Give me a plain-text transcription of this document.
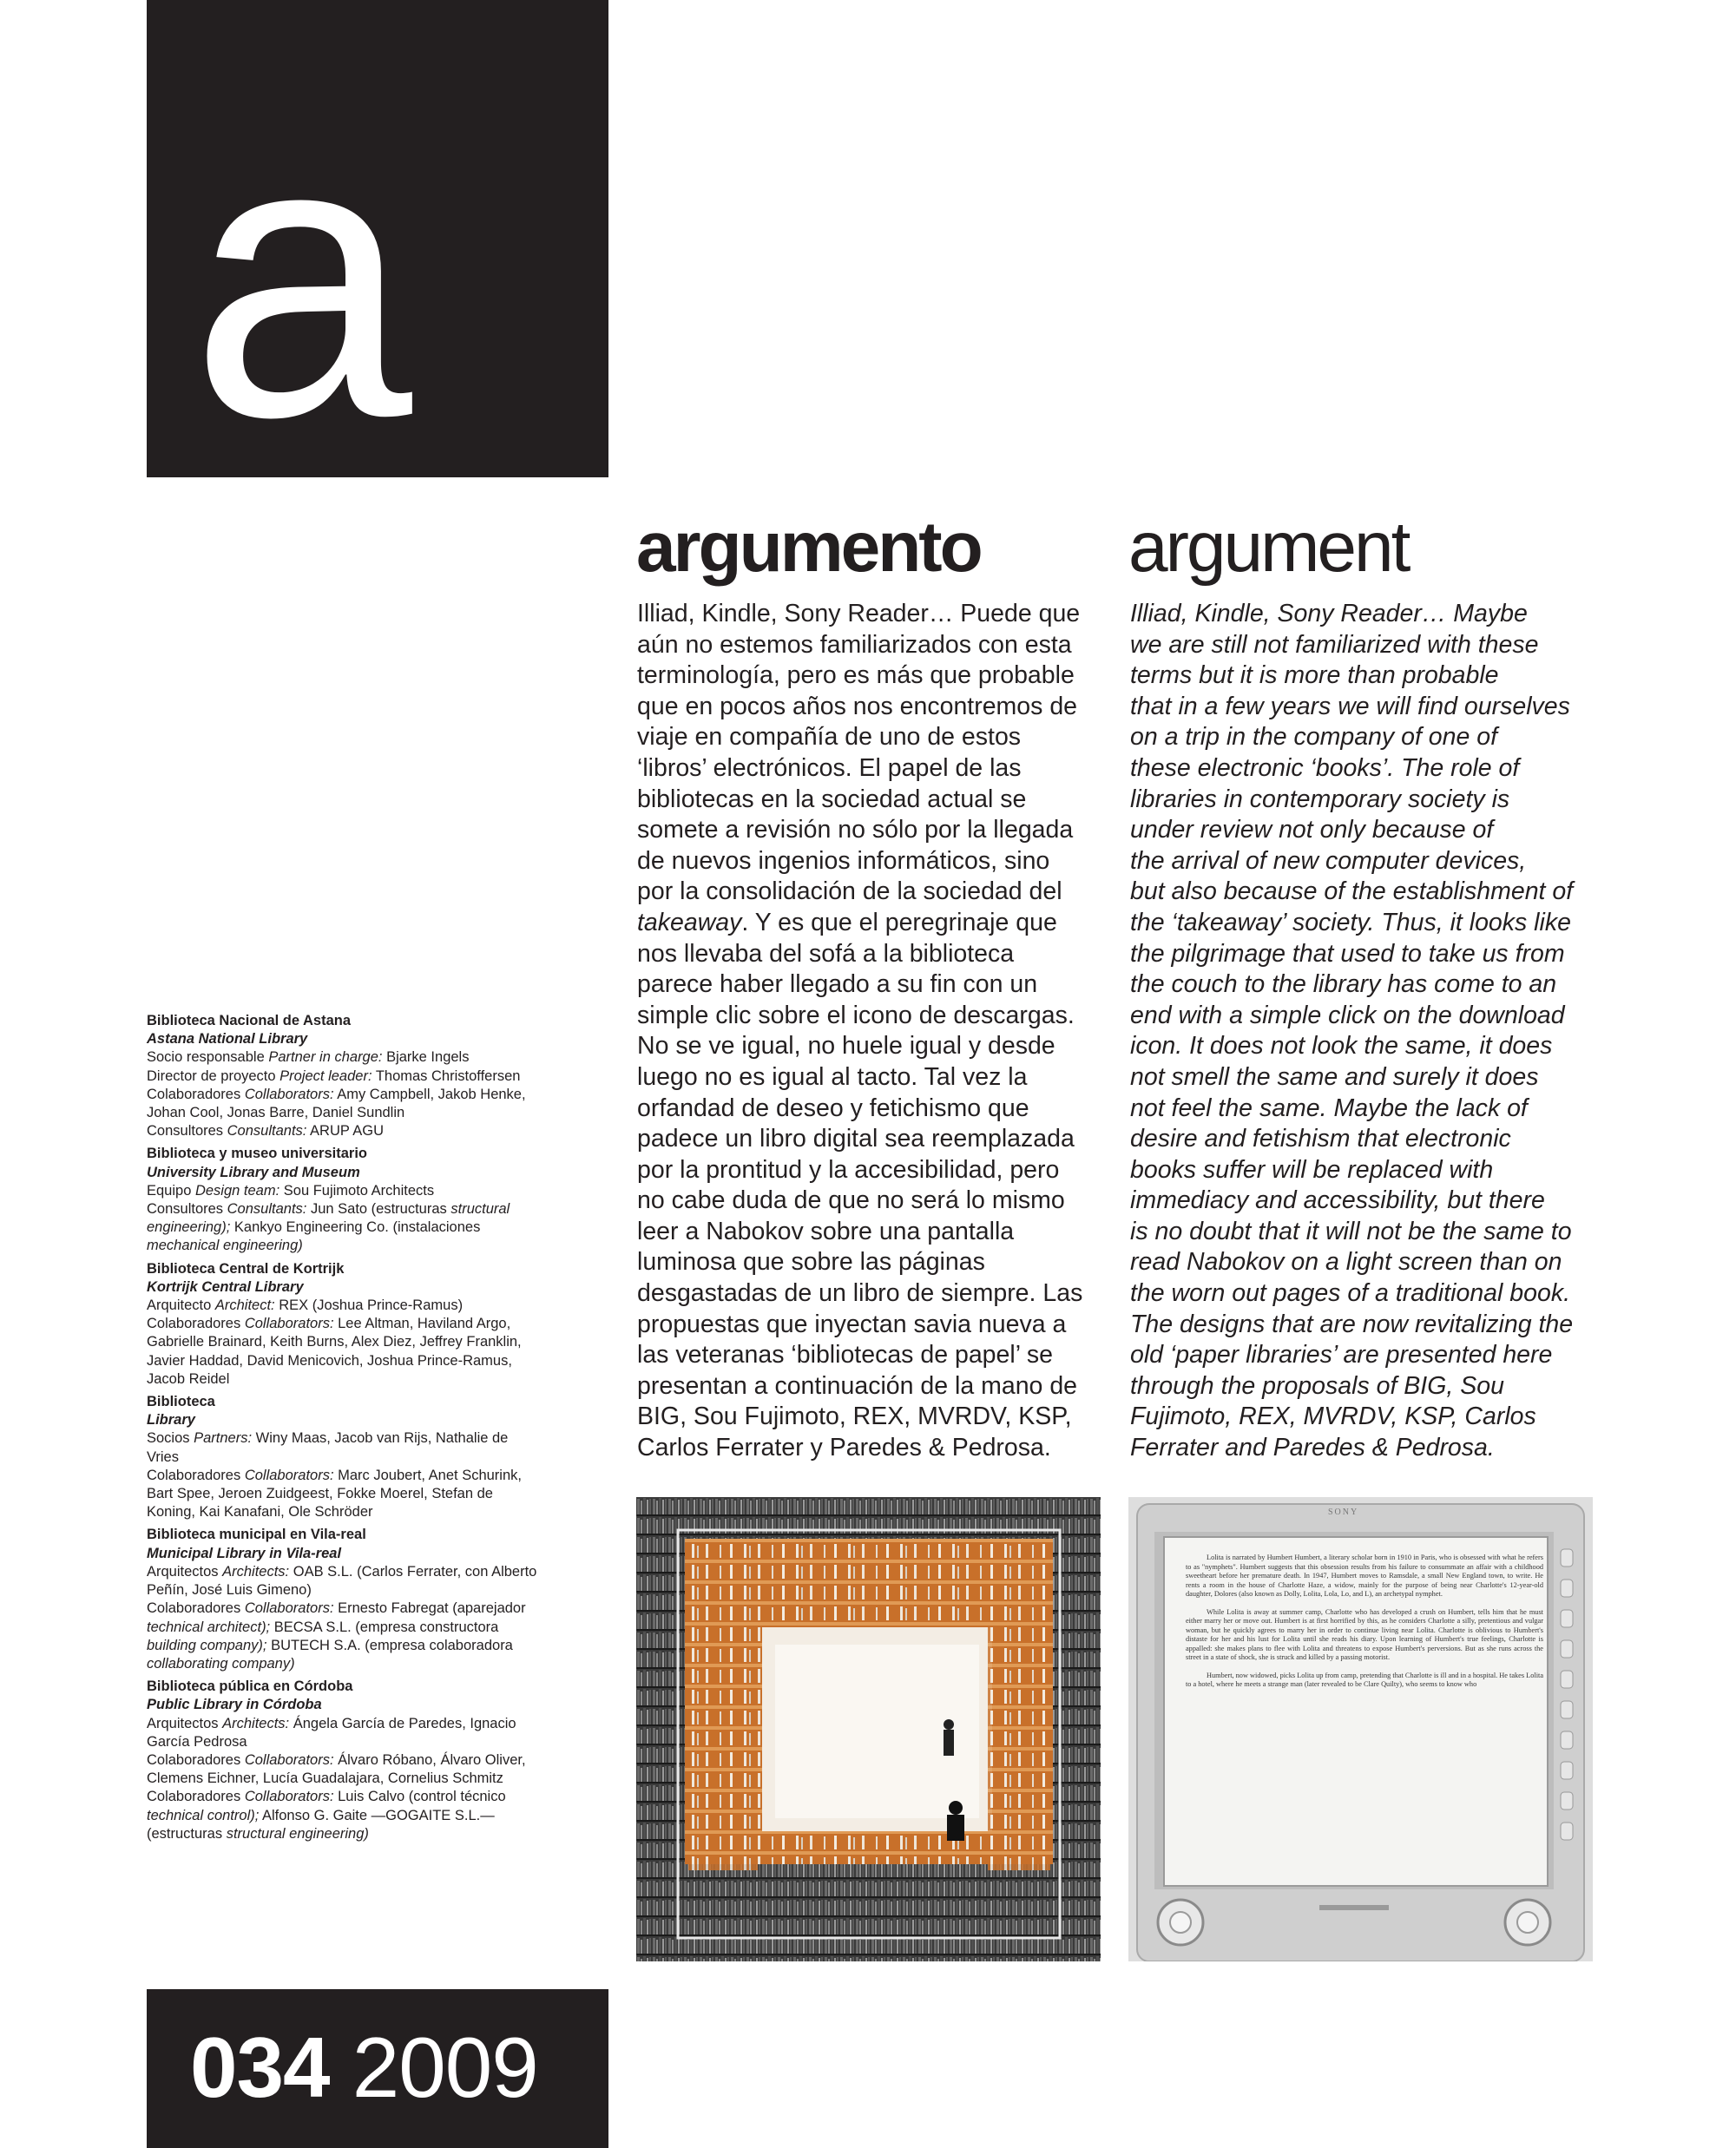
a
argumento argument
Illiad, Kindle, Sony Reader… Puede que
aún no estemos familiarizados con esta
terminología, pero es más que probable
que en pocos años nos encontremos de
viaje en compañía de uno de estos
‘libros’ electrónicos. El papel de las
bibliotecas en la sociedad actual se
somete a revisión no sólo por la llegada
de nuevos ingenios informáticos, sino
por la consolidación de la sociedad del
takeaway. Y es que el peregrinaje que
nos llevaba del sofá a la biblioteca
parece haber llegado a su fin con un
simple clic sobre el icono de descargas.
No se ve igual, no huele igual y desde
luego no es igual al tacto. Tal vez la
orfandad de deseo y fetichismo que
padece un libro digital sea reemplazada
por la prontitud y la accesibilidad, pero
no cabe duda de que no será lo mismo
leer a Nabokov sobre una pantalla
luminosa que sobre las páginas
desgastadas de un libro de siempre. Las
propuestas que inyectan savia nueva a
las veteranas ‘bibliotecas de papel’ se
presentan a continuación de la mano de
BIG, Sou Fujimoto, REX, MVRDV, KSP,
Carlos Ferrater y Paredes & Pedrosa.
Illiad, Kindle, Sony Reader… Maybe
we are still not familiarized with these
terms but it is more than probable
that in a few years we will find ourselves
on a trip in the company of one of
these electronic ‘books’. The role of
libraries in contemporary society is
under review not only because of
the arrival of new computer devices,
but also because of the establishment of
the ‘takeaway’ society. Thus, it looks like
the pilgrimage that used to take us from
the couch to the library has come to an
end with a simple click on the download
icon. It does not look the same, it does
not smell the same and surely it does
not feel the same. Maybe the lack of
desire and fetishism that electronic
books suffer will be replaced with
immediacy and accessibility, but there
is no doubt that it will not be the same to
read Nabokov on a light screen than on
the worn out pages of a traditional book.
The designs that are now revitalizing the
old ‘paper libraries’ are presented here
through the proposals of BIG, Sou
Fujimoto, REX, MVRDV, KSP, Carlos
Ferrater and Paredes & Pedrosa.
Biblioteca Nacional de Astana
Astana National Library
Socio responsable Partner in charge: Bjarke Ingels
Director de proyecto Project leader: Thomas Christoffersen
Colaboradores Collaborators: Amy Campbell, Jakob Henke, Johan Cool, Jonas Barre, Daniel Sundlin
Consultores Consultants: ARUP AGU
Biblioteca y museo universitario
University Library and Museum
Equipo Design team: Sou Fujimoto Architects
Consultores Consultants: Jun Sato (estructuras structural engineering); Kankyo Engineering Co. (instalaciones mechanical engineering)
Biblioteca Central de Kortrijk
Kortrijk Central Library
Arquitecto Architect: REX (Joshua Prince-Ramus)
Colaboradores Collaborators: Lee Altman, Haviland Argo, Gabrielle Brainard, Keith Burns, Alex Diez, Jeffrey Franklin, Javier Haddad, David Menicovich, Joshua Prince-Ramus, Jacob Reidel
Biblioteca
Library
Socios Partners: Winy Maas, Jacob van Rijs, Nathalie de Vries
Colaboradores Collaborators: Marc Joubert, Anet Schurink, Bart Spee, Jeroen Zuidgeest, Fokke Moerel, Stefan de Koning, Kai Kanafani, Ole Schröder
Biblioteca municipal en Vila-real
Municipal Library in Vila-real
Arquitectos Architects: OAB S.L. (Carlos Ferrater, con Alberto Peñín, José Luis Gimeno)
Colaboradores Collaborators: Ernesto Fabregat (aparejador technical architect); BECSA S.L. (empresa constructora building company); BUTECH S.A. (empresa colaboradora collaborating company)
Biblioteca pública en Córdoba
Public Library in Córdoba
Arquitectos Architects: Ángela García de Paredes, Ignacio García Pedrosa
Colaboradores Collaborators: Álvaro Róbano, Álvaro Oliver, Clemens Eichner, Lucía Guadalajara, Cornelius Schmitz
Colaboradores Collaborators: Luis Calvo (control técnico technical control); Alfonso G. Gaite —GOGAITE S.L.— (estructuras structural engineering)
SONY

Lolita is narrated by Humbert Humbert, a literary scholar born in 1910 in Paris, who is obsessed with what he refers to as "nymphets". Humbert suggests that this obsession results from his failure to consummate an affair with a childhood sweetheart before her premature death. In 1947, Humbert moves to Ramsdale, a small New England town, to write. He rents a room in the house of Charlotte Haze, a widow, mainly for the purpose of being near Charlotte's 12-year-old daughter, Dolores (also known as Dolly, Lolita, Lola, Lo, and L), an archetypal nymphet.

While Lolita is away at summer camp, Charlotte who has developed a crush on Humbert, tells him that he must either marry her or move out. Humbert is at first horrified by this, as he considers Charlotte a silly, pretentious and vulgar woman, but he quickly agrees to marry her in order to continue living near Lolita. Charlotte is oblivious to Humbert's distaste for her and his lust for Lolita until she reads his diary. Upon learning of Humbert's true feelings, Charlotte is appalled: she makes plans to flee with Lolita and threatens to expose Humbert's perversions. But as she runs across the street in a state of shock, she is struck and killed by a passing motorist.

Humbert, now widowed, picks Lolita up from camp, pretending that Charlotte is ill and in a hospital. He takes Lolita to a hotel, where he meets a strange man (later revealed to be Clare Quilty), who seems to know who

034 2009
